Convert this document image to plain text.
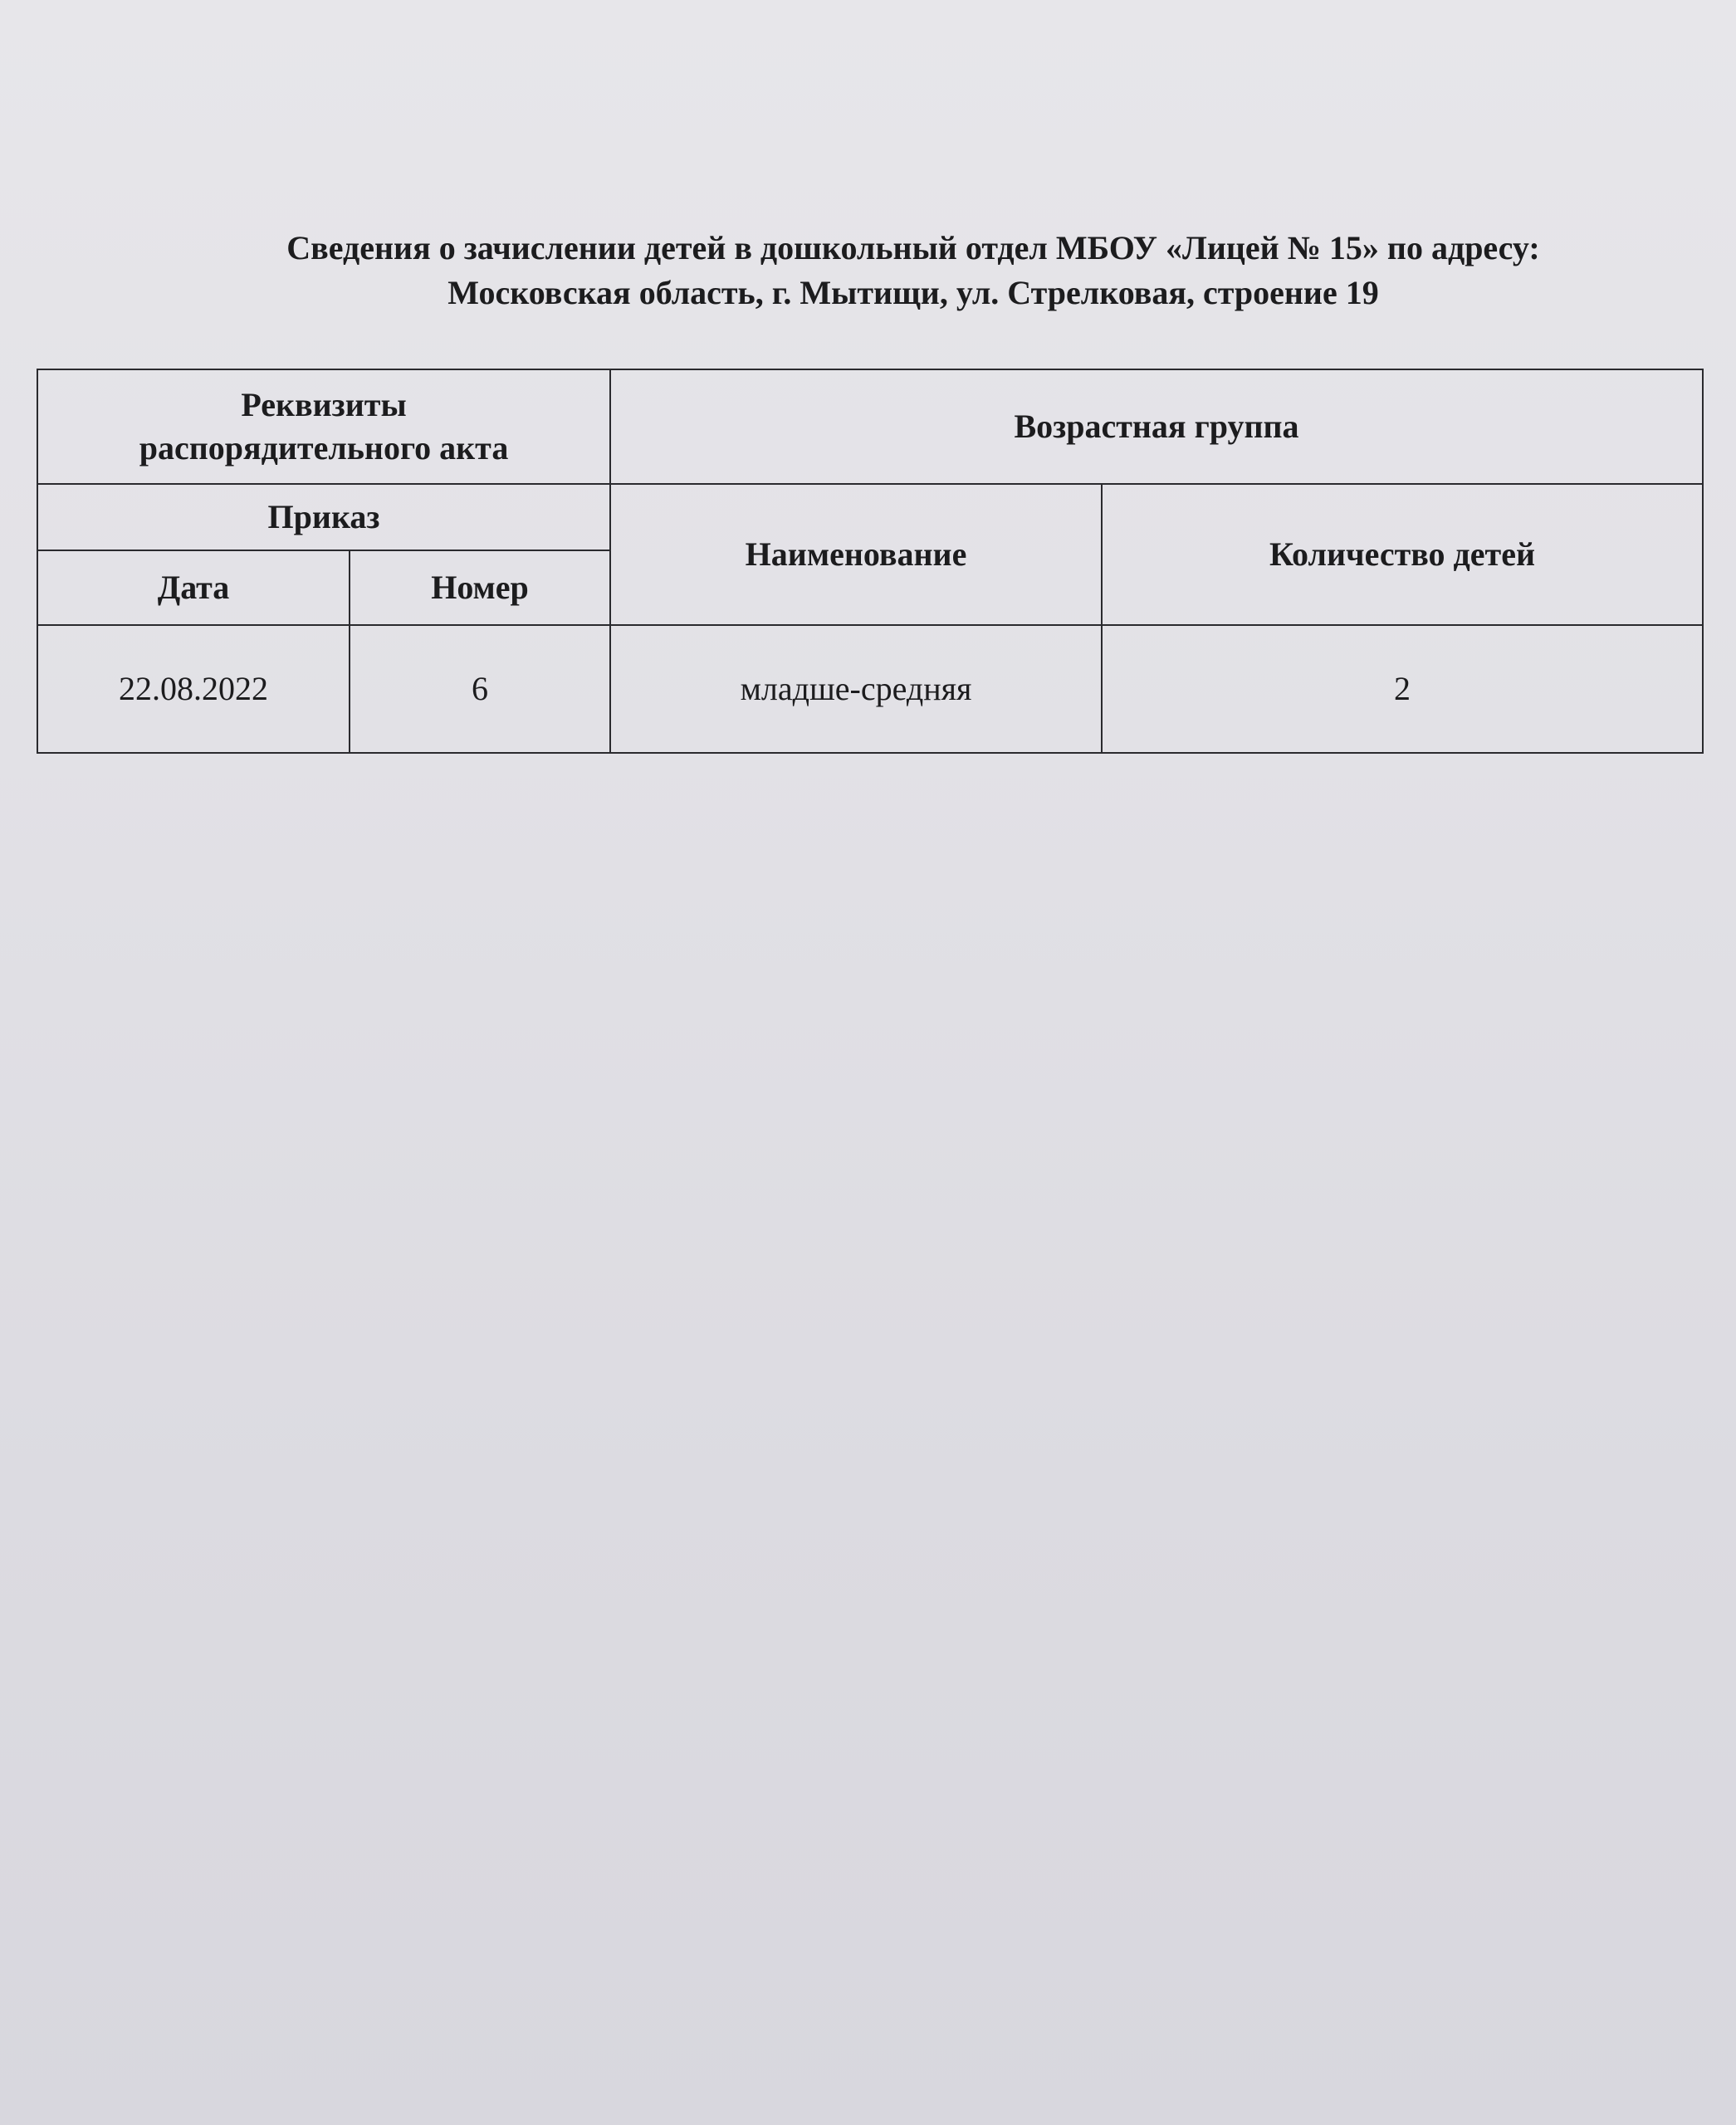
Сведения о зачислении детей в дошкольный отдел МБОУ «Лицей № 15» по адресу:
Московская область, г. Мытищи, ул. Стрелковая, строение 19
Реквизиты
распорядительного акта		Возрастная группа	
Приказ		Наименование	Количество детей
Дата	Номер		
22.08.2022	6	младше-средняя	2
